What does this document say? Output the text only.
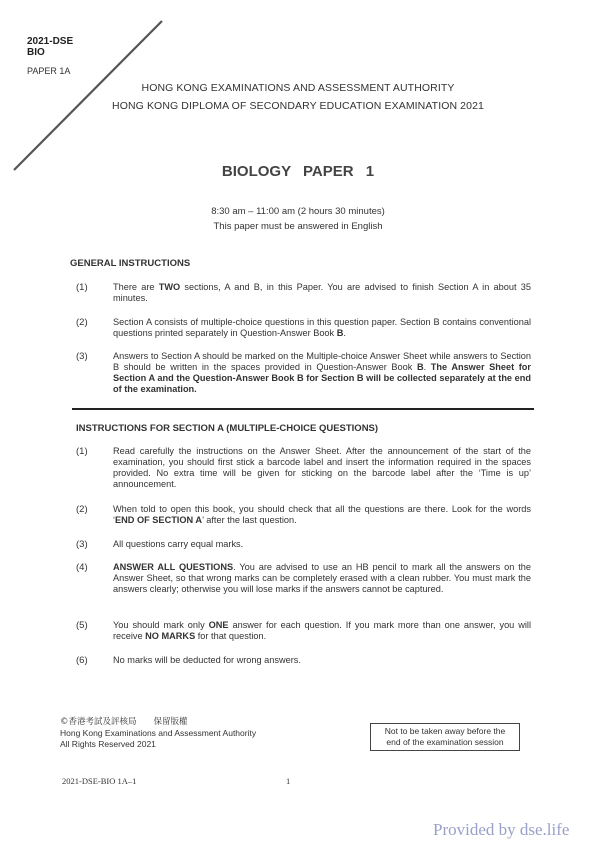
2021-DSE
BIO
PAPER 1A
HONG KONG EXAMINATIONS AND ASSESSMENT AUTHORITY
HONG KONG DIPLOMA OF SECONDARY EDUCATION EXAMINATION 2021
BIOLOGY PAPER 1
8:30 am – 11:00 am (2 hours 30 minutes)
This paper must be answered in English
GENERAL INSTRUCTIONS
(1)	There are TWO sections, A and B, in this Paper. You are advised to finish Section A in about 35 minutes.
(2)	Section A consists of multiple-choice questions in this question paper. Section B contains conventional questions printed separately in Question-Answer Book B.
(3)	Answers to Section A should be marked on the Multiple-choice Answer Sheet while answers to Section B should be written in the spaces provided in Question-Answer Book B. The Answer Sheet for Section A and the Question-Answer Book B for Section B will be collected separately at the end of the examination.
INSTRUCTIONS FOR SECTION A (MULTIPLE-CHOICE QUESTIONS)
(1)	Read carefully the instructions on the Answer Sheet. After the announcement of the start of the examination, you should first stick a barcode label and insert the information required in the spaces provided. No extra time will be given for sticking on the barcode label after the ‘Time is up’ announcement.
(2)	When told to open this book, you should check that all the questions are there. Look for the words ‘END OF SECTION A’ after the last question.
(3)	All questions carry equal marks.
(4)	ANSWER ALL QUESTIONS. You are advised to use an HB pencil to mark all the answers on the Answer Sheet, so that wrong marks can be completely erased with a clean rubber. You must mark the answers clearly; otherwise you will lose marks if the answers cannot be captured.
(5)	You should mark only ONE answer for each question. If you mark more than one answer, you will receive NO MARKS for that question.
(6)	No marks will be deducted for wrong answers.
©香港考試及評核局　　保留版權
Hong Kong Examinations and Assessment Authority
All Rights Reserved 2021
Not to be taken away before the
end of the examination session
2021-DSE-BIO 1A–1	1
Provided by dse.life
